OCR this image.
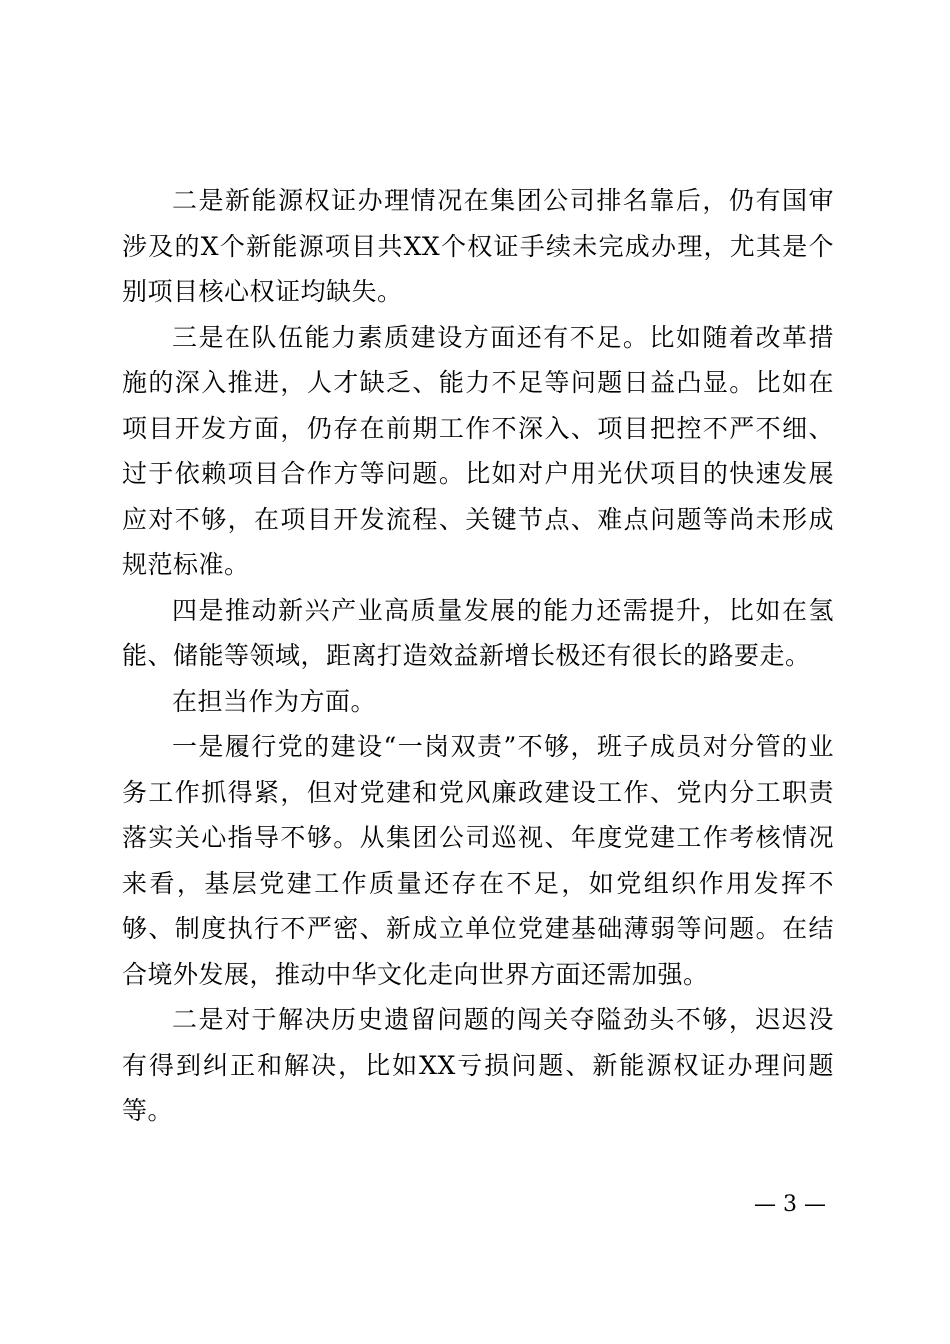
二是新能源权证办理情况在集团公司排名靠后，仍有国审涉及的X个新能源项目共XX个权证手续未完成办理，尤其是个别项目核心权证均缺失。

三是在队伍能力素质建设方面还有不足。比如随着改革措施的深入推进，人才缺乏、能力不足等问题日益凸显。比如在项目开发方面，仍存在前期工作不深入、项目把控不严不细、过于依赖项目合作方等问题。比如对户用光伏项目的快速发展应对不够，在项目开发流程、关键节点、难点问题等尚未形成规范标准。

四是推动新兴产业高质量发展的能力还需提升，比如在氢能、储能等领域，距离打造效益新增长极还有很长的路要走。

在担当作为方面。

一是履行党的建设“一岗双责”不够，班子成员对分管的业务工作抓得紧，但对党建和党风廉政建设工作、党内分工职责落实关心指导不够。从集团公司巡视、年度党建工作考核情况来看，基层党建工作质量还存在不足，如党组织作用发挥不够、制度执行不严密、新成立单位党建基础薄弱等问题。在结合境外发展，推动中华文化走向世界方面还需加强。

二是对于解决历史遗留问题的闯关夺隘劲头不够，迟迟没有得到纠正和解决，比如XX亏损问题、新能源权证办理问题等。

— 3 —
